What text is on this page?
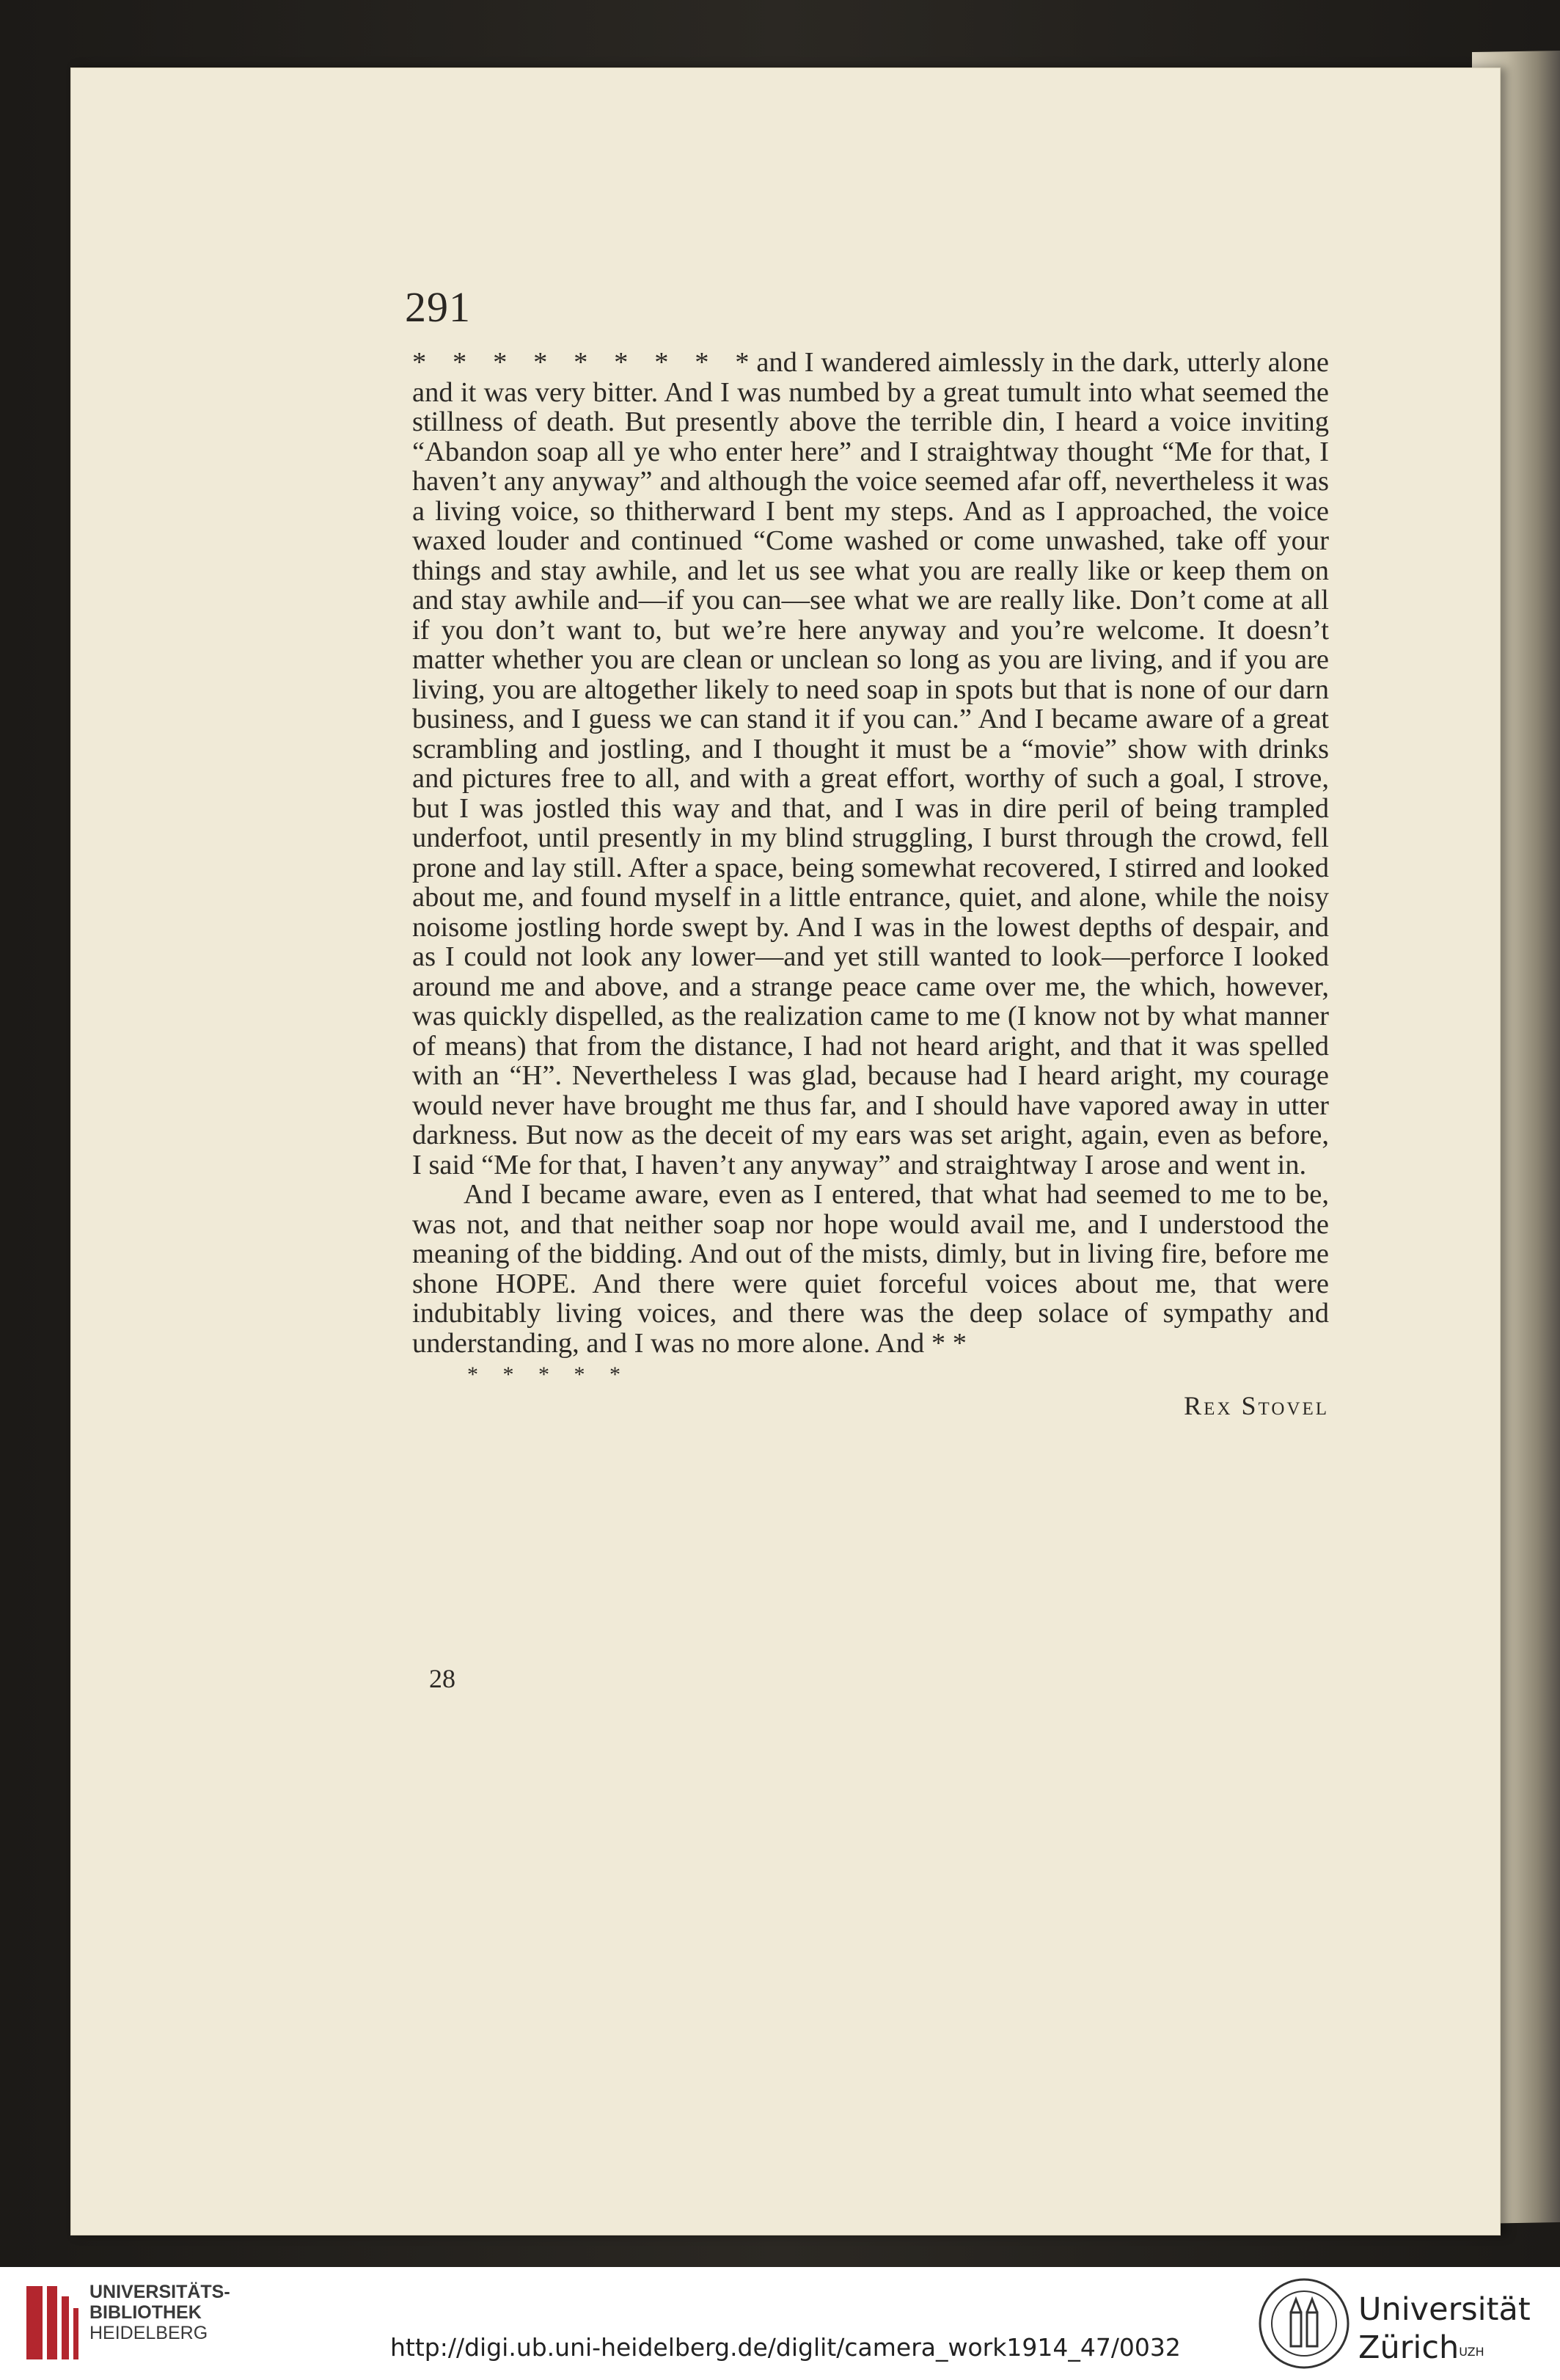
291

* * * * * * * * * and I wandered aimlessly in the dark, utterly alone and it was very bitter. And I was numbed by a great tumult into what seemed the stillness of death. But presently above the terrible din, I heard a voice inviting “Abandon soap all ye who enter here” and I straightway thought “Me for that, I haven’t any anyway” and although the voice seemed afar off, nevertheless it was a living voice, so thitherward I bent my steps. And as I approached, the voice waxed louder and continued “Come washed or come unwashed, take off your things and stay awhile, and let us see what you are really like or keep them on and stay awhile and—if you can—see what we are really like. Don’t come at all if you don’t want to, but we’re here anyway and you’re welcome. It doesn’t matter whether you are clean or unclean so long as you are living, and if you are living, you are altogether likely to need soap in spots but that is none of our darn business, and I guess we can stand it if you can.” And I became aware of a great scrambling and jostling, and I thought it must be a “movie” show with drinks and pictures free to all, and with a great effort, worthy of such a goal, I strove, but I was jostled this way and that, and I was in dire peril of being trampled underfoot, until presently in my blind struggling, I burst through the crowd, fell prone and lay still. After a space, being somewhat recovered, I stirred and looked about me, and found myself in a little entrance, quiet, and alone, while the noisy noisome jostling horde swept by. And I was in the lowest depths of despair, and as I could not look any lower—and yet still wanted to look—perforce I looked around me and above, and a strange peace came over me, the which, however, was quickly dispelled, as the realization came to me (I know not by what manner of means) that from the distance, I had not heard aright, and that it was spelled with an “H”. Nevertheless I was glad, because had I heard aright, my courage would never have brought me thus far, and I should have vapored away in utter darkness. But now as the deceit of my ears was set aright, again, even as before, I said “Me for that, I haven’t any anyway” and straightway I arose and went in.

And I became aware, even as I entered, that what had seemed to me to be, was not, and that neither soap nor hope would avail me, and I understood the meaning of the bidding. And out of the mists, dimly, but in living fire, before me shone HOPE. And there were quiet forceful voices about me, that were indubitably living voices, and there was the deep solace of sympathy and understanding, and I was no more alone. And * *

* * * * *
Rex Stovel
28
UNIVERSITÄTS-
BIBLIOTHEK
HEIDELBERG	http://digi.ub.uni-heidelberg.de/diglit/camera_work1914_47/0032
Universität
Zürich$^{UZH}$
